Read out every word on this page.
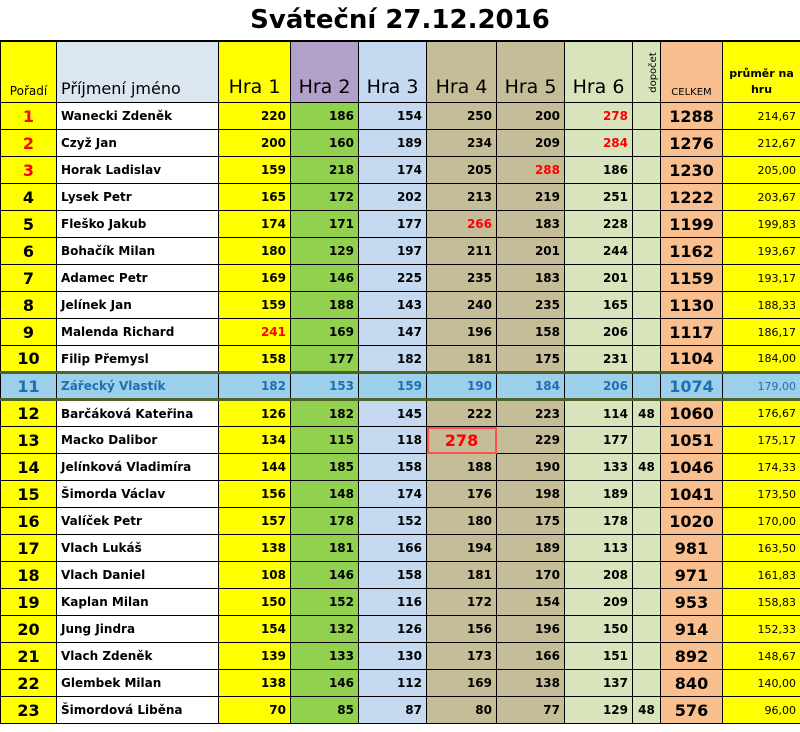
Sváteční 27.12.2016
Pořadí	Příjmení jméno	Hra 1	Hra 2	Hra 3	Hra 4	Hra 5	Hra 6	dopočet	CELKEM	průměr na hru
1	Wanecki Zdeněk	220	186	154	250	200	278		1288	214,67
2	Czyž Jan	200	160	189	234	209	284		1276	212,67
3	Horak Ladislav	159	218	174	205	288	186		1230	205,00
4	Lysek Petr	165	172	202	213	219	251		1222	203,67
5	Fleško Jakub	174	171	177	266	183	228		1199	199,83
6	Bohačík Milan	180	129	197	211	201	244		1162	193,67
7	Adamec Petr	169	146	225	235	183	201		1159	193,17
8	Jelínek Jan	159	188	143	240	235	165		1130	188,33
9	Malenda Richard	241	169	147	196	158	206		1117	186,17
10	Filip Přemysl	158	177	182	181	175	231		1104	184,00
11	Zářecký Vlastík	182	153	159	190	184	206		1074	179,00
12	Barčáková Kateřina	126	182	145	222	223	114	48	1060	176,67
13	Macko Dalibor	134	115	118	278	229	177		1051	175,17
14	Jelínková Vladimíra	144	185	158	188	190	133	48	1046	174,33
15	Šimorda Václav	156	148	174	176	198	189		1041	173,50
16	Valíček Petr	157	178	152	180	175	178		1020	170,00
17	Vlach Lukáš	138	181	166	194	189	113		981	163,50
18	Vlach Daniel	108	146	158	181	170	208		971	161,83
19	Kaplan Milan	150	152	116	172	154	209		953	158,83
20	Jung Jindra	154	132	126	156	196	150		914	152,33
21	Vlach Zdeněk	139	133	130	173	166	151		892	148,67
22	Glembek Milan	138	146	112	169	138	137		840	140,00
23	Šimordová Liběna	70	85	87	80	77	129	48	576	96,00
